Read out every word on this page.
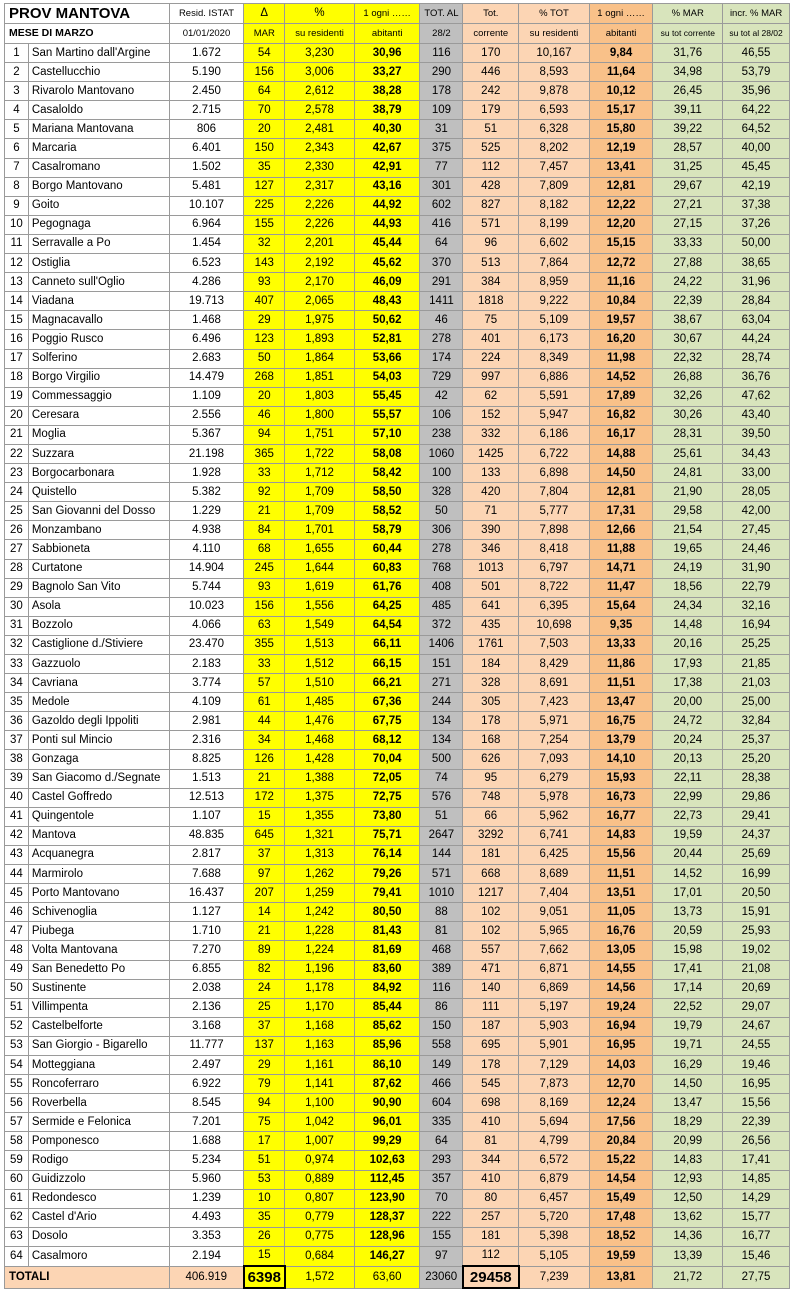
PROV MANTOVA		Resid. ISTAT	Δ	%	1 ogni ……	TOT. AL	Tot.	% TOT	1 ogni ……	% MAR	incr. % MAR
MESE DI MARZO		01/01/2020	MAR	su residenti	abitanti	28/2	corrente	su residenti	abitanti	su tot corrente	su tot al 28/02
1	San Martino dall'Argine	1.672	54	3,230	30,96	116	170	10,167	9,84	31,76	46,55
2	Castellucchio	5.190	156	3,006	33,27	290	446	8,593	11,64	34,98	53,79
3	Rivarolo Mantovano	2.450	64	2,612	38,28	178	242	9,878	10,12	26,45	35,96
4	Casaloldo	2.715	70	2,578	38,79	109	179	6,593	15,17	39,11	64,22
5	Mariana Mantovana	806	20	2,481	40,30	31	51	6,328	15,80	39,22	64,52
6	Marcaria	6.401	150	2,343	42,67	375	525	8,202	12,19	28,57	40,00
7	Casalromano	1.502	35	2,330	42,91	77	112	7,457	13,41	31,25	45,45
8	Borgo Mantovano	5.481	127	2,317	43,16	301	428	7,809	12,81	29,67	42,19
9	Goito	10.107	225	2,226	44,92	602	827	8,182	12,22	27,21	37,38
10	Pegognaga	6.964	155	2,226	44,93	416	571	8,199	12,20	27,15	37,26
11	Serravalle a Po	1.454	32	2,201	45,44	64	96	6,602	15,15	33,33	50,00
12	Ostiglia	6.523	143	2,192	45,62	370	513	7,864	12,72	27,88	38,65
13	Canneto sull'Oglio	4.286	93	2,170	46,09	291	384	8,959	11,16	24,22	31,96
14	Viadana	19.713	407	2,065	48,43	1411	1818	9,222	10,84	22,39	28,84
15	Magnacavallo	1.468	29	1,975	50,62	46	75	5,109	19,57	38,67	63,04
16	Poggio Rusco	6.496	123	1,893	52,81	278	401	6,173	16,20	30,67	44,24
17	Solferino	2.683	50	1,864	53,66	174	224	8,349	11,98	22,32	28,74
18	Borgo Virgilio	14.479	268	1,851	54,03	729	997	6,886	14,52	26,88	36,76
19	Commessaggio	1.109	20	1,803	55,45	42	62	5,591	17,89	32,26	47,62
20	Ceresara	2.556	46	1,800	55,57	106	152	5,947	16,82	30,26	43,40
21	Moglia	5.367	94	1,751	57,10	238	332	6,186	16,17	28,31	39,50
22	Suzzara	21.198	365	1,722	58,08	1060	1425	6,722	14,88	25,61	34,43
23	Borgocarbonara	1.928	33	1,712	58,42	100	133	6,898	14,50	24,81	33,00
24	Quistello	5.382	92	1,709	58,50	328	420	7,804	12,81	21,90	28,05
25	San Giovanni del Dosso	1.229	21	1,709	58,52	50	71	5,777	17,31	29,58	42,00
26	Monzambano	4.938	84	1,701	58,79	306	390	7,898	12,66	21,54	27,45
27	Sabbioneta	4.110	68	1,655	60,44	278	346	8,418	11,88	19,65	24,46
28	Curtatone	14.904	245	1,644	60,83	768	1013	6,797	14,71	24,19	31,90
29	Bagnolo San Vito	5.744	93	1,619	61,76	408	501	8,722	11,47	18,56	22,79
30	Asola	10.023	156	1,556	64,25	485	641	6,395	15,64	24,34	32,16
31	Bozzolo	4.066	63	1,549	64,54	372	435	10,698	9,35	14,48	16,94
32	Castiglione d./Stiviere	23.470	355	1,513	66,11	1406	1761	7,503	13,33	20,16	25,25
33	Gazzuolo	2.183	33	1,512	66,15	151	184	8,429	11,86	17,93	21,85
34	Cavriana	3.774	57	1,510	66,21	271	328	8,691	11,51	17,38	21,03
35	Medole	4.109	61	1,485	67,36	244	305	7,423	13,47	20,00	25,00
36	Gazoldo degli Ippoliti	2.981	44	1,476	67,75	134	178	5,971	16,75	24,72	32,84
37	Ponti sul Mincio	2.316	34	1,468	68,12	134	168	7,254	13,79	20,24	25,37
38	Gonzaga	8.825	126	1,428	70,04	500	626	7,093	14,10	20,13	25,20
39	San Giacomo d./Segnate	1.513	21	1,388	72,05	74	95	6,279	15,93	22,11	28,38
40	Castel Goffredo	12.513	172	1,375	72,75	576	748	5,978	16,73	22,99	29,86
41	Quingentole	1.107	15	1,355	73,80	51	66	5,962	16,77	22,73	29,41
42	Mantova	48.835	645	1,321	75,71	2647	3292	6,741	14,83	19,59	24,37
43	Acquanegra	2.817	37	1,313	76,14	144	181	6,425	15,56	20,44	25,69
44	Marmirolo	7.688	97	1,262	79,26	571	668	8,689	11,51	14,52	16,99
45	Porto Mantovano	16.437	207	1,259	79,41	1010	1217	7,404	13,51	17,01	20,50
46	Schivenoglia	1.127	14	1,242	80,50	88	102	9,051	11,05	13,73	15,91
47	Piubega	1.710	21	1,228	81,43	81	102	5,965	16,76	20,59	25,93
48	Volta Mantovana	7.270	89	1,224	81,69	468	557	7,662	13,05	15,98	19,02
49	San Benedetto Po	6.855	82	1,196	83,60	389	471	6,871	14,55	17,41	21,08
50	Sustinente	2.038	24	1,178	84,92	116	140	6,869	14,56	17,14	20,69
51	Villimpenta	2.136	25	1,170	85,44	86	111	5,197	19,24	22,52	29,07
52	Castelbelforte	3.168	37	1,168	85,62	150	187	5,903	16,94	19,79	24,67
53	San Giorgio - Bigarello	11.777	137	1,163	85,96	558	695	5,901	16,95	19,71	24,55
54	Motteggiana	2.497	29	1,161	86,10	149	178	7,129	14,03	16,29	19,46
55	Roncoferraro	6.922	79	1,141	87,62	466	545	7,873	12,70	14,50	16,95
56	Roverbella	8.545	94	1,100	90,90	604	698	8,169	12,24	13,47	15,56
57	Sermide e Felonica	7.201	75	1,042	96,01	335	410	5,694	17,56	18,29	22,39
58	Pomponesco	1.688	17	1,007	99,29	64	81	4,799	20,84	20,99	26,56
59	Rodigo	5.234	51	0,974	102,63	293	344	6,572	15,22	14,83	17,41
60	Guidizzolo	5.960	53	0,889	112,45	357	410	6,879	14,54	12,93	14,85
61	Redondesco	1.239	10	0,807	123,90	70	80	6,457	15,49	12,50	14,29
62	Castel d'Ario	4.493	35	0,779	128,37	222	257	5,720	17,48	13,62	15,77
63	Dosolo	3.353	26	0,775	128,96	155	181	5,398	18,52	14,36	16,77
64	Casalmoro	2.194	15	0,684	146,27	97	112	5,105	19,59	13,39	15,46
TOTALI		406.919	6398	1,572	63,60	23060	29458	7,239	13,81	21,72	27,75
